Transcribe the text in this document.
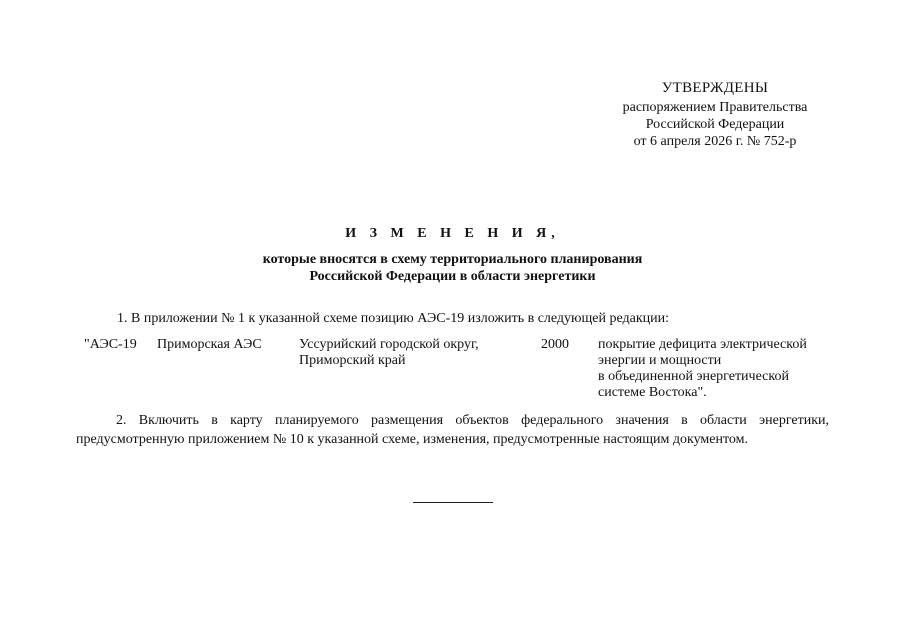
УТВЕРЖДЕНЫ
распоряжением Правительства
Российской Федерации
от 6 апреля 2026 г. № 752-р
И З М Е Н Е Н И Я,
которые вносятся в схему территориального планирования
Российской Федерации в области энергетики
1. В приложении № 1 к указанной схеме позицию АЭС-19 изложить в следующей редакции:
"АЭС-19 Приморская АЭС	Уссурийский городской округ,
Приморский край
2000 покрытие дефицита электрической
энергии и мощности
в объединенной энергетической
системе Востока".
2. Включить в карту планируемого размещения объектов федерального значения в области энергетики, предусмотренную приложением № 10 к указанной схеме, изменения, предусмотренные настоящим документом.
